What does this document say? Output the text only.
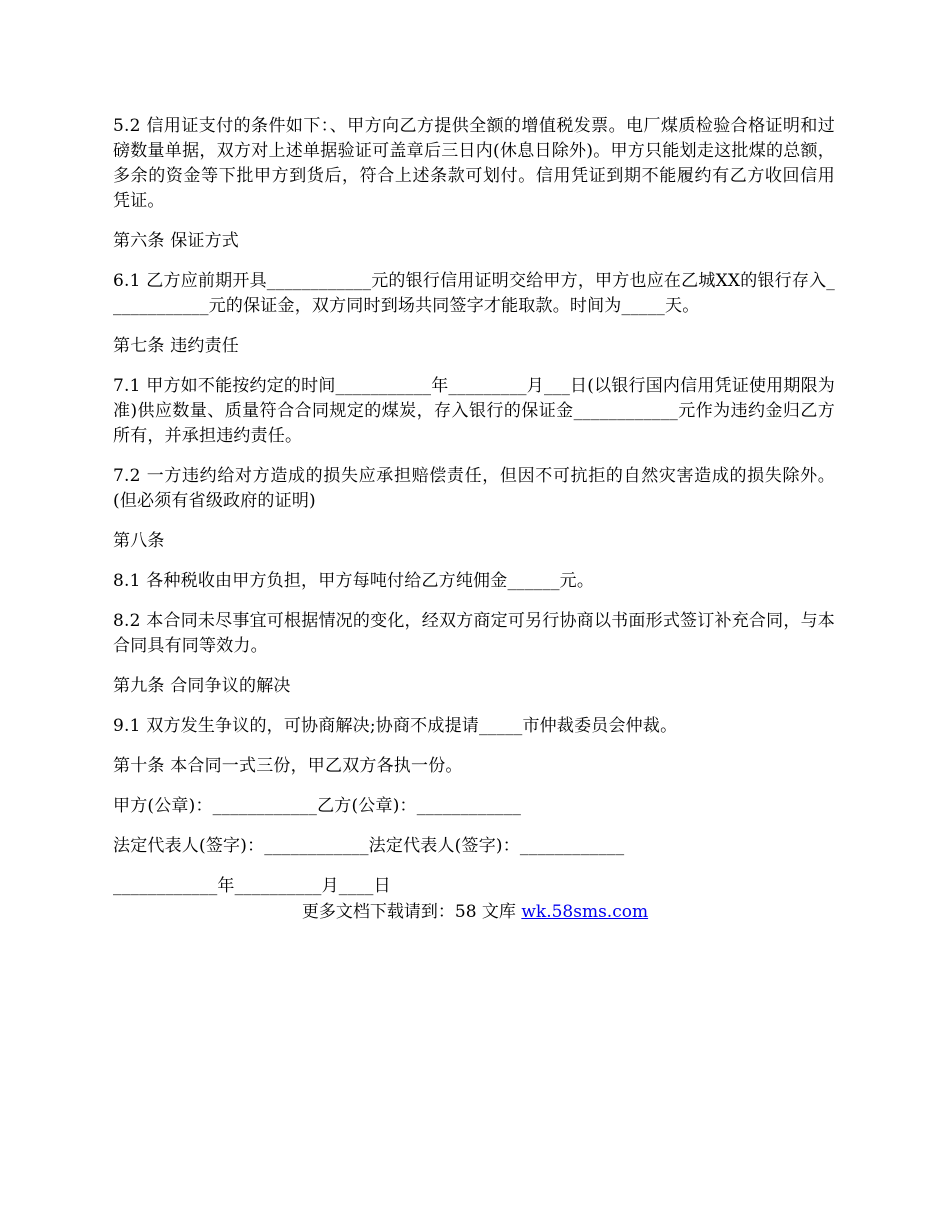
5.2 信用证支付的条件如下：、甲方向乙方提供全额的增值税发票。电厂煤质检验合格证明和过磅数量单据，双方对上述单据验证可盖章后三日内(休息日除外)。甲方只能划走这批煤的总额，多余的资金等下批甲方到货后，符合上述条款可划付。信用凭证到期不能履约有乙方收回信用凭证。

第六条 保证方式

6.1 乙方应前期开具____________元的银行信用证明交给甲方，甲方也应在乙城XX的银行存入____________元的保证金，双方同时到场共同签字才能取款。时间为_____天。

第七条 违约责任

7.1 甲方如不能按约定的时间___________年_________月___日(以银行国内信用凭证使用期限为准)供应数量、质量符合合同规定的煤炭，存入银行的保证金____________元作为违约金归乙方所有，并承担违约责任。

7.2 一方违约给对方造成的损失应承担赔偿责任，但因不可抗拒的自然灾害造成的损失除外。(但必须有省级政府的证明)

第八条

8.1 各种税收由甲方负担，甲方每吨付给乙方纯佣金______元。

8.2 本合同未尽事宜可根据情况的变化，经双方商定可另行协商以书面形式签订补充合同，与本合同具有同等效力。

第九条 合同争议的解决

9.1 双方发生争议的，可协商解决;协商不成提请_____市仲裁委员会仲裁。

第十条 本合同一式三份，甲乙双方各执一份。

甲方(公章)：____________乙方(公章)：____________

法定代表人(签字)：____________法定代表人(签字)：____________

____________年__________月____日

更多文档下载请到：58 文库 wk.58sms.com
